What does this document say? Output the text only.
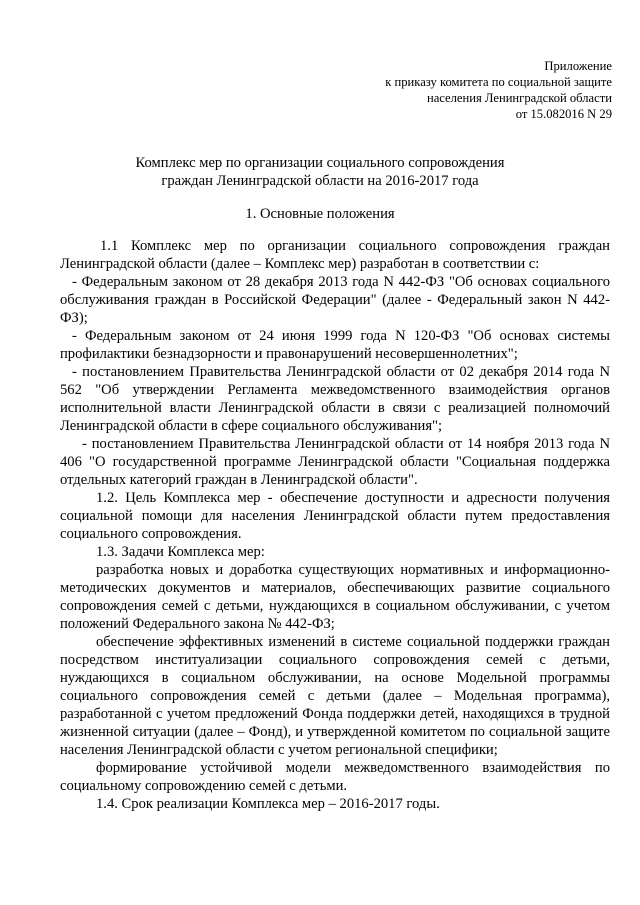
Приложение
к приказу комитета по социальной защите
населения Ленинградской области
от 15.082016 N 29
Комплекс мер по организации социального сопровождения
граждан Ленинградской области на 2016-2017 года
1. Основные положения

1.1 Комплекс мер по организации социального сопровождения граждан Ленинградской области (далее – Комплекс мер) разработан в соответствии с:

- Федеральным законом от 28 декабря 2013 года N 442-ФЗ "Об основах социального обслуживания граждан в Российской Федерации" (далее - Федеральный закон N 442-ФЗ);

- Федеральным законом от 24 июня 1999 года N 120-ФЗ "Об основах системы профилактики безнадзорности и правонарушений несовершеннолетних";

- постановлением Правительства Ленинградской области от 02 декабря 2014 года N 562 "Об утверждении Регламента межведомственного взаимодействия органов исполнительной власти Ленинградской области в связи с реализацией полномочий Ленинградской области в сфере социального обслуживания";

- постановлением Правительства Ленинградской области от 14 ноября 2013 года N 406 "О государственной программе Ленинградской области "Социальная поддержка отдельных категорий граждан в Ленинградской области".

1.2. Цель Комплекса мер - обеспечение доступности и адресности получения социальной помощи для населения Ленинградской области путем предоставления социального сопровождения.

1.3. Задачи Комплекса мер:

разработка новых и доработка существующих нормативных и информационно-методических документов и материалов, обеспечивающих развитие социального сопровождения семей с детьми, нуждающихся в социальном обслуживании, с учетом положений Федерального закона № 442-ФЗ;

обеспечение эффективных изменений в системе социальной поддержки граждан посредством институализации социального сопровождения семей с детьми, нуждающихся в социальном обслуживании, на основе Модельной программы социального сопровождения семей с детьми (далее – Модельная программа), разработанной с учетом предложений Фонда поддержки детей, находящихся в трудной жизненной ситуации (далее – Фонд), и утвержденной комитетом по социальной защите населения Ленинградской области с учетом региональной специфики;

формирование устойчивой модели межведомственного взаимодействия по социальному сопровождению семей с детьми.

1.4. Срок реализации Комплекса мер – 2016-2017 годы.
